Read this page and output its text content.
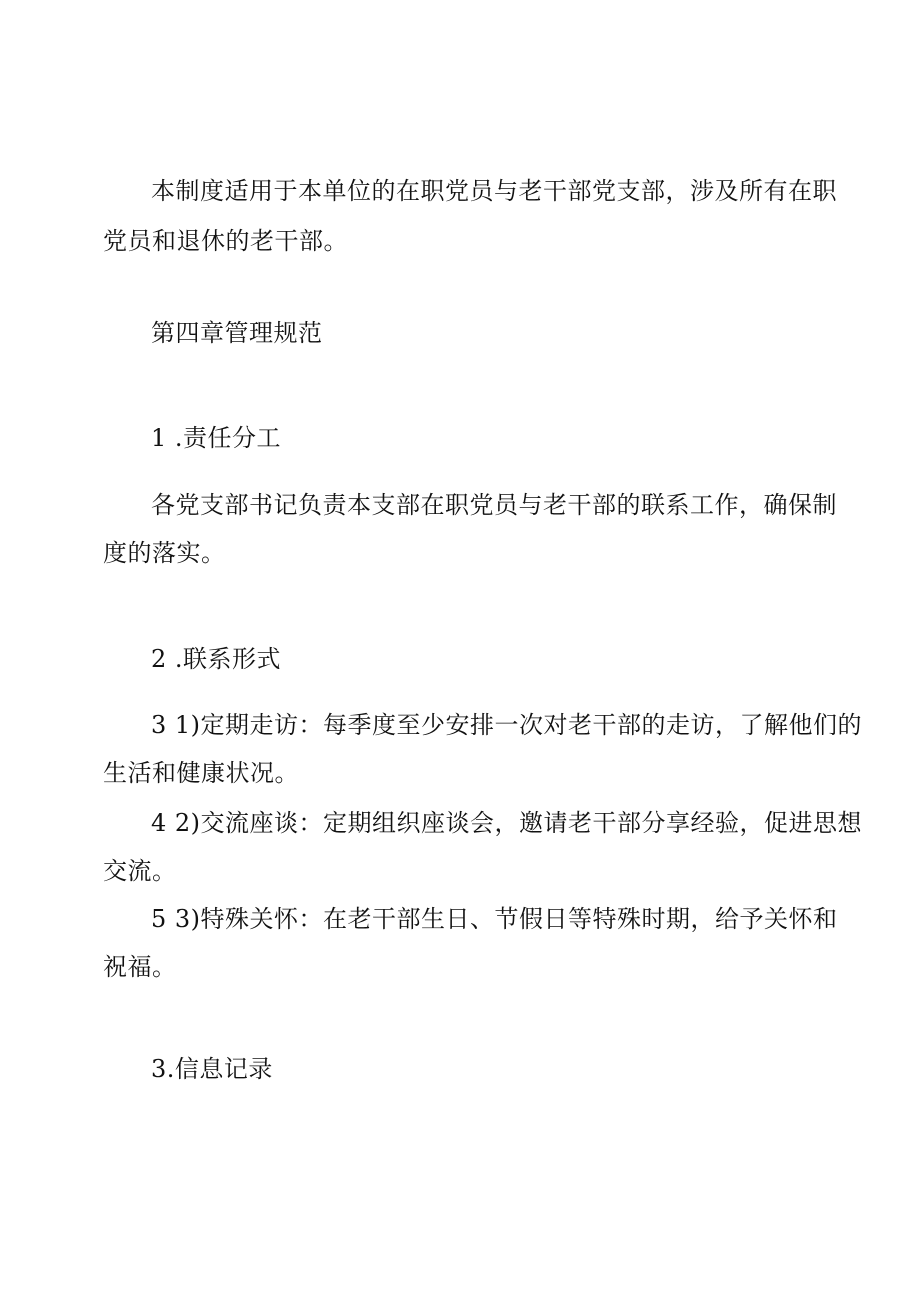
本制度适用于本单位的在职党员与老干部党支部，涉及所有在职
党员和退休的老干部。
第四章管理规范
1 .责任分工
各党支部书记负责本支部在职党员与老干部的联系工作，确保制
度的落实。
2 .联系形式
3 1)定期走访：每季度至少安排一次对老干部的走访，了解他们的
生活和健康状况。
4 2)交流座谈：定期组织座谈会，邀请老干部分享经验，促进思想
交流。
5 3)特殊关怀：在老干部生日、节假日等特殊时期，给予关怀和
祝福。
3.信息记录
